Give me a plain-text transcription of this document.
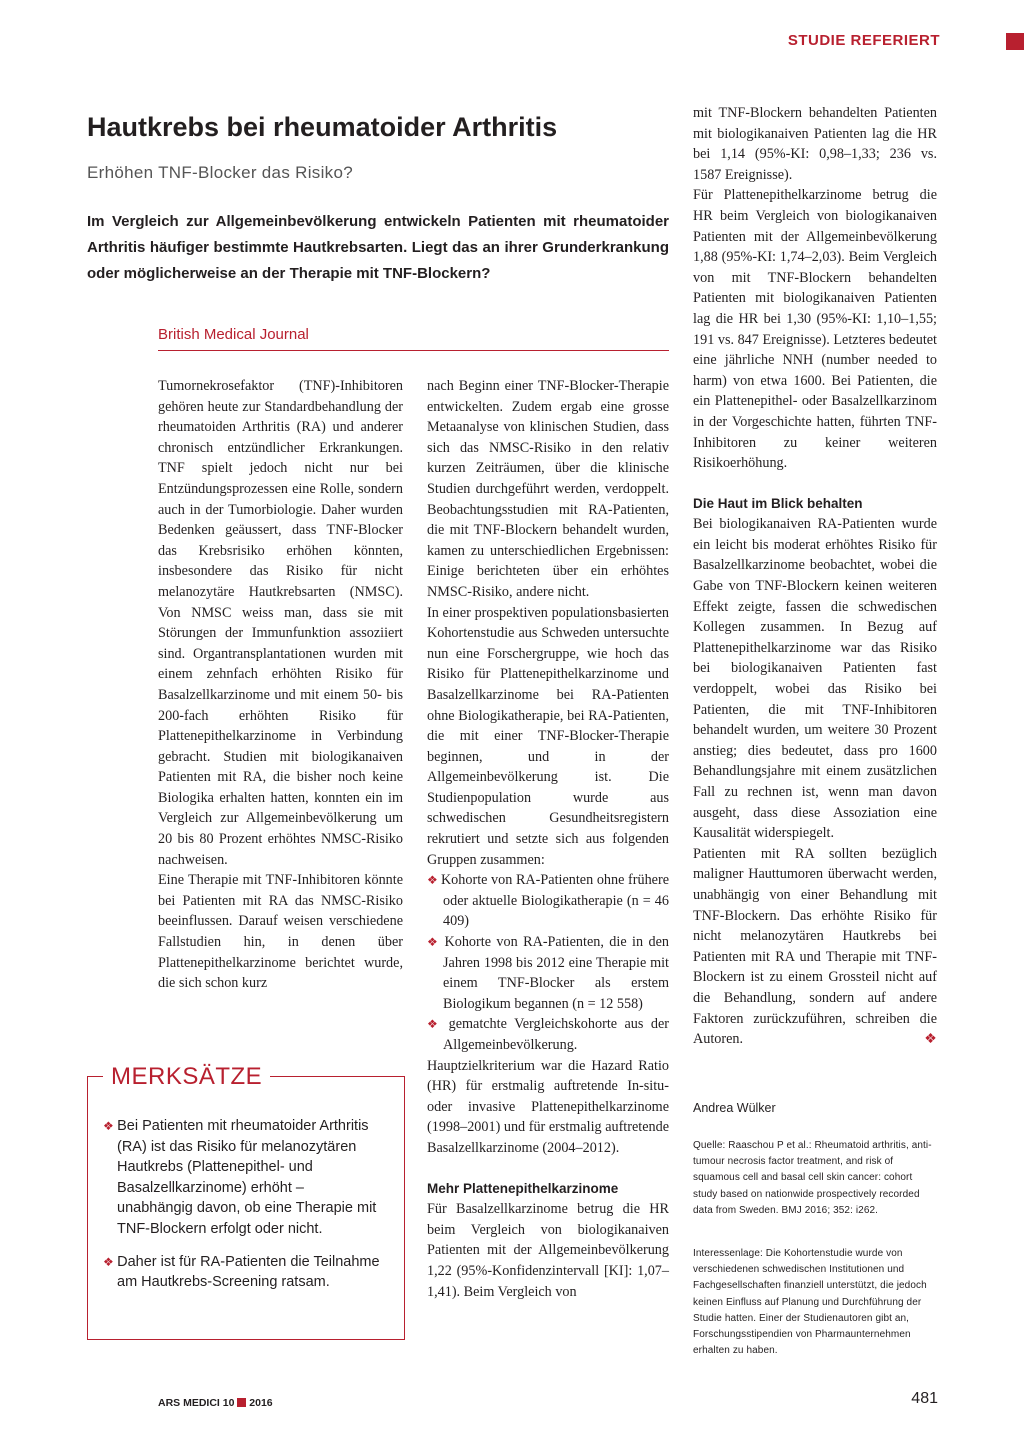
STUDIE REFERIERT
Hautkrebs bei rheumatoider Arthritis
Erhöhen TNF-Blocker das Risiko?
Im Vergleich zur Allgemeinbevölkerung entwickeln Patienten mit rheumatoider Arthritis häufiger bestimmte Hautkrebsarten. Liegt das an ihrer Grunderkrankung oder möglicherweise an der Therapie mit TNF-Blockern?
British Medical Journal

Tumornekrosefaktor (TNF)-Inhibitoren gehören heute zur Standardbehandlung der rheumatoiden Arthritis (RA) und anderer chronisch entzündlicher Erkrankungen. TNF spielt jedoch nicht nur bei Entzündungsprozessen eine Rolle, sondern auch in der Tumorbiologie. Daher wurden Bedenken geäussert, dass TNF-Blocker das Krebsrisiko erhöhen könnten, insbesondere das Risiko für nicht melanozytäre Hautkrebsarten (NMSC). Von NMSC weiss man, dass sie mit Störungen der Immunfunktion assoziiert sind. Organtransplantationen wurden mit einem zehnfach erhöhten Risiko für Basalzellkarzinome und mit einem 50- bis 200-fach erhöhten Risiko für Plattenepithelkarzinome in Verbindung gebracht. Studien mit biologikanaiven Patienten mit RA, die bisher noch keine Biologika erhalten hatten, konnten ein im Vergleich zur Allgemeinbevölkerung um 20 bis 80 Prozent erhöhtes NMSC-Risiko nachweisen.

Eine Therapie mit TNF-Inhibitoren könnte bei Patienten mit RA das NMSC-Risiko beeinflussen. Darauf weisen verschiedene Fallstudien hin, in denen über Plattenepithelkarzinome berichtet wurde, die sich schon kurz

MERKSÄTZE
❖ Bei Patienten mit rheumatoider Arthritis (RA) ist das Risiko für melanozytären Hautkrebs (Plattenepithel- und Basalzellkarzinome) erhöht – unabhängig davon, ob eine Therapie mit TNF-Blockern erfolgt oder nicht.
❖ Daher ist für RA-Patienten die Teilnahme am Hautkrebs-Screening ratsam.

nach Beginn einer TNF-Blocker-Therapie entwickelten. Zudem ergab eine grosse Metaanalyse von klinischen Studien, dass sich das NMSC-Risiko in den relativ kurzen Zeiträumen, über die klinische Studien durchgeführt werden, verdoppelt. Beobachtungsstudien mit RA-Patienten, die mit TNF-Blockern behandelt wurden, kamen zu unterschiedlichen Ergebnissen: Einige berichteten über ein erhöhtes NMSC-Risiko, andere nicht.

In einer prospektiven populationsbasierten Kohortenstudie aus Schweden untersuchte nun eine Forschergruppe, wie hoch das Risiko für Plattenepithelkarzinome und Basalzellkarzinome bei RA-Patienten ohne Biologikatherapie, bei RA-Patienten, die mit einer TNF-Blocker-Therapie beginnen, und in der Allgemeinbevölkerung ist. Die Studienpopulation wurde aus schwedischen Gesundheitsregistern rekrutiert und setzte sich aus folgenden Gruppen zusammen:

❖ Kohorte von RA-Patienten ohne frühere oder aktuelle Biologikatherapie (n = 46 409)
❖ Kohorte von RA-Patienten, die in den Jahren 1998 bis 2012 eine Therapie mit einem TNF-Blocker als erstem Biologikum begannen (n = 12 558)
❖ gematchte Vergleichskohorte aus der Allgemeinbevölkerung.

Hauptzielkriterium war die Hazard Ratio (HR) für erstmalig auftretende In-situ- oder invasive Plattenepithelkarzinome (1998–2001) und für erstmalig auftretende Basalzellkarzinome (2004–2012).

Mehr Plattenepithelkarzinome

Für Basalzellkarzinome betrug die HR beim Vergleich von biologikanaiven Patienten mit der Allgemeinbevölkerung 1,22 (95%-Konfidenzintervall [KI]: 1,07–1,41). Beim Vergleich von

mit TNF-Blockern behandelten Patienten mit biologikanaiven Patienten lag die HR bei 1,14 (95%-KI: 0,98–1,33; 236 vs. 1587 Ereignisse).

Für Plattenepithelkarzinome betrug die HR beim Vergleich von biologikanaiven Patienten mit der Allgemeinbevölkerung 1,88 (95%-KI: 1,74–2,03). Beim Vergleich von mit TNF-Blockern behandelten Patienten mit biologikanaiven Patienten lag die HR bei 1,30 (95%-KI: 1,10–1,55; 191 vs. 847 Ereignisse). Letzteres bedeutet eine jährliche NNH (number needed to harm) von etwa 1600. Bei Patienten, die ein Plattenepithel- oder Basalzellkarzinom in der Vorgeschichte hatten, führten TNF-Inhibitoren zu keiner weiteren Risikoerhöhung.

Die Haut im Blick behalten

Bei biologikanaiven RA-Patienten wurde ein leicht bis moderat erhöhtes Risiko für Basalzellkarzinome beobachtet, wobei die Gabe von TNF-Blockern keinen weiteren Effekt zeigte, fassen die schwedischen Kollegen zusammen. In Bezug auf Plattenepithelkarzinome war das Risiko bei biologikanaiven Patienten fast verdoppelt, wobei das Risiko bei Patienten, die mit TNF-Inhibitoren behandelt wurden, um weitere 30 Prozent anstieg; dies bedeutet, dass pro 1600 Behandlungsjahre mit einem zusätzlichen Fall zu rechnen ist, wenn man davon ausgeht, dass diese Assoziation eine Kausalität widerspiegelt.

Patienten mit RA sollten bezüglich maligner Hauttumoren überwacht werden, unabhängig von einer Behandlung mit TNF-Blockern. Das erhöhte Risiko für nicht melanozytären Hautkrebs bei Patienten mit RA und Therapie mit TNF-Blockern ist zu einem Grossteil nicht auf die Behandlung, sondern auf andere Faktoren zurückzuführen, schreiben die Autoren.	❖

Andrea Wülker
Quelle: Raaschou P et al.: Rheumatoid arthritis, anti-tumour necrosis factor treatment, and risk of squamous cell and basal cell skin cancer: cohort study based on nationwide prospectively recorded data from Sweden. BMJ 2016; 352: i262.
Interessenlage: Die Kohortenstudie wurde von verschiedenen schwedischen Institutionen und Fachgesellschaften finanziell unterstützt, die jedoch keinen Einfluss auf Planung und Durchführung der Studie hatten. Einer der Studienautoren gibt an, Forschungsstipendien von Pharmaunternehmen erhalten zu haben.
ARS MEDICI 10 2016	481
